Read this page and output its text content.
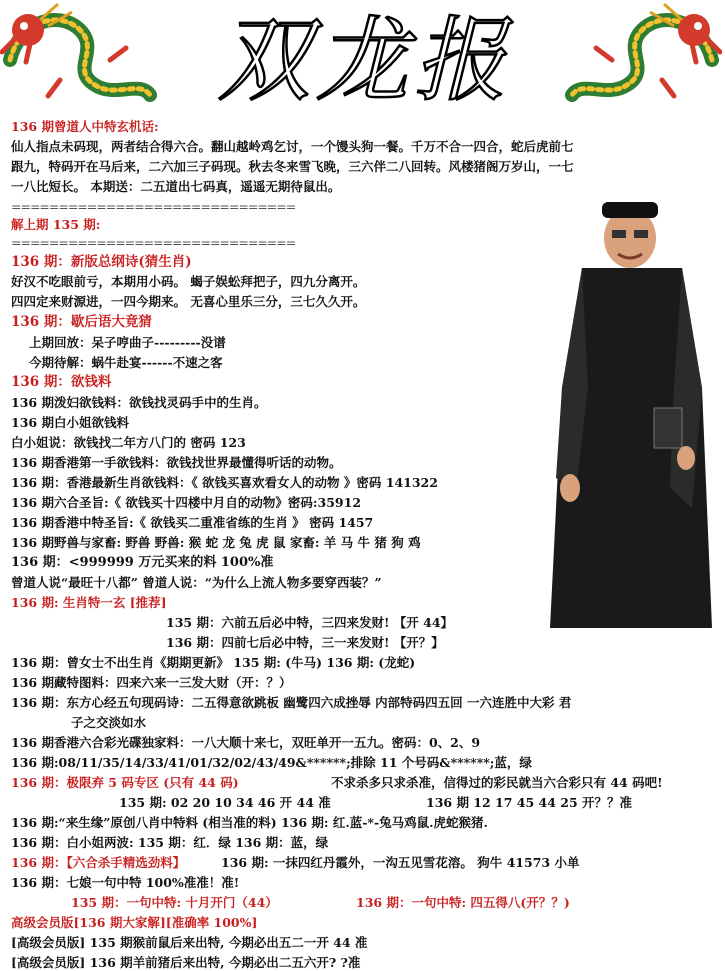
双龙报
136 期曾道人中特玄机话:
仙人指点未码现，两者结合得六合。翻山越岭鸡乞讨，一个馒头狗一餐。千万不合一四合，蛇后虎前七
跟九，特码开在马后来，二六加三子码现。秋去冬来雪飞晚，三六伴二八回转。风楼猪阁万岁山，一七
一八比短长。 本期送：二五道出七码真，遥遥无期待鼠出。
==============================
解上期 135 期:
==============================
136 期：新版总纲诗(猜生肖)
好汉不吃眼前亏，本期用小码。 蝎子娱蚣拜把子，四九分离开。
四四定来财源进，一四今期来。 无喜心里乐三分，三七久久开。
136 期：歇后语大竟猜
上期回放：呆子哼曲子---------没谱
今期待解：蜗牛赴宴------不速之客
136 期：欲钱料
136 期泼妇欲钱料：欲钱找灵码手中的生肖。
136 期白小姐欲钱料
白小姐说：欲钱找二年方八门的 密码 123
136 期香港第一手欲钱料：欲钱找世界最懂得听话的动物。
136 期：香港最新生肖欲钱料：《 欲钱买喜欢看女人的动物 》密码 141322
136 期六合圣旨:《 欲钱买十四楼中月自的动物》密码:35912
136 期香港中特圣旨:《 欲钱买二重准省练的生肖 》 密码 1457
136 期野兽与家畜: 野兽 野兽: 猴 蛇 龙 兔 虎 鼠 家畜: 羊 马 牛 猪 狗 鸡
136 期：<999999 万元买来的料 100%准
曾道人说“最旺十八都” 曾道人说：“为什么上流人物多要穿西装？”
136 期: 生肖特一玄 [推荐]
135 期：六前五后必中特，三四来发财! 【开 44】
136 期：四前七后必中特，三一来发财! 【开？】
136 期：曾女士不出生肖《期期更新》 135 期: (牛马) 136 期: (龙蛇)
136 期藏特图料：四来六来一三发大财（开：？）
136 期：东方心经五句现码诗：二五得意欲跳板 幽鹭四六成挫辱 内部特码四五回 一六连胜中大彩 君
子之交淡如水
136 期香港六合彩光碟独家料：一八大顺十来七，双旺单开一五九。密码：0、2、9
136 期:08/11/35/14/33/41/01/32/02/43/49&******;排除 11 个号码&******;蓝，绿
136 期：极限弃 5 码专区 (只有 44 码)	不求杀多只求杀准，信得过的彩民就当六合彩只有 44 码吧!
135 期: 02 20 10 34 46 开 44 准	136 期 12 17 45 44 25 开？？准
136 期:“来生缘”原创八肖中特料 (相当准的料) 136 期: 红.蓝-*-兔马鸡鼠.虎蛇猴猪.
136 期：白小姐两波: 135 期：红．绿 136 期：蓝，绿
136 期：【六合杀手精选劲料】	136 期: 一抹四红丹霞外，一沟五见雪花溶。 狗牛 41573 小单
136 期：七娘一句中特 100%准准！准!
135 期：一句中特: 十月开门（44）	136 期：一句中特: 四五得八(开？？)
高级会员版[136 期大家解][准确率 100%]
[高级会员版] 135 期猴前鼠后来出特, 今期必出五二一开 44 准
[高级会员版] 136 期羊前猪后来出特, 今期必出二五六开? ?准
